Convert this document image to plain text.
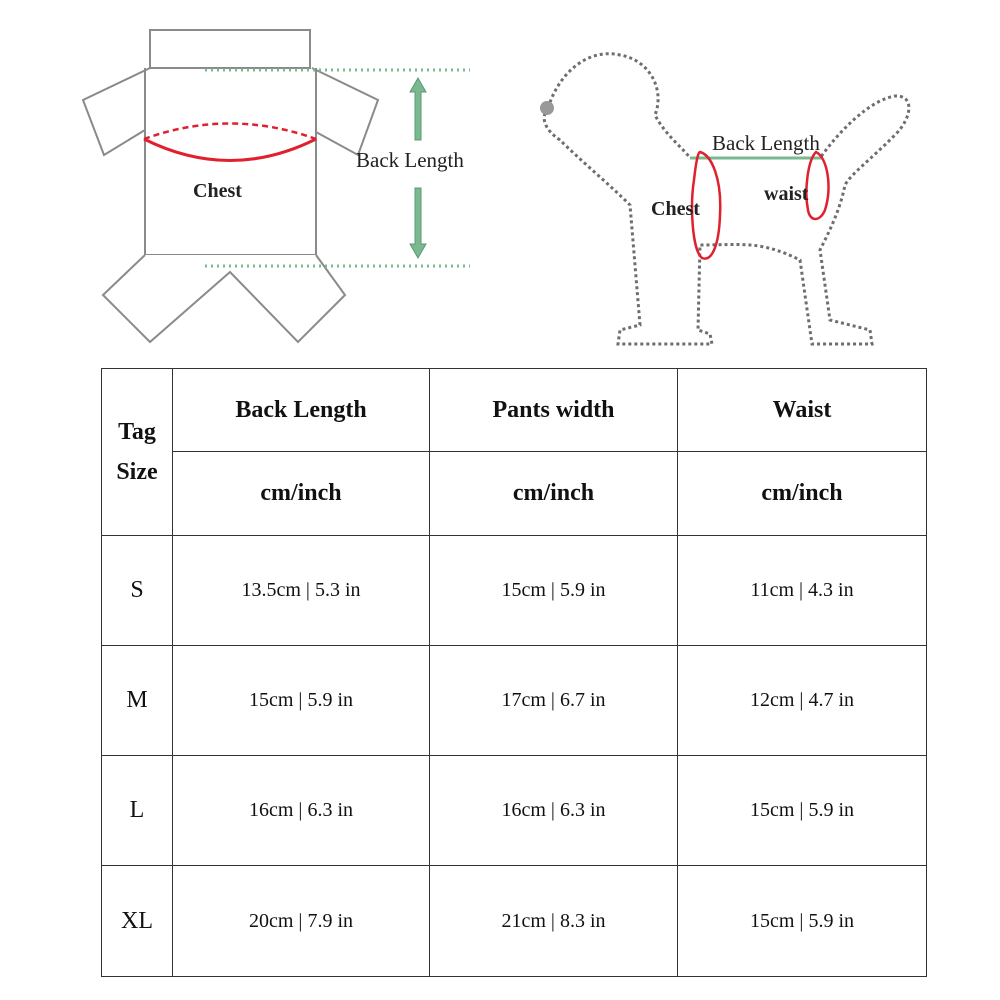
Chest
Back Length
Back Length
Chest
waist
Tag
Size	Back Length	Pants width	Waist
	cm/inch	cm/inch	cm/inch
S	13.5cm | 5.3 in	15cm | 5.9 in	11cm | 4.3 in
M	15cm | 5.9 in	17cm | 6.7 in	12cm | 4.7 in
L	16cm | 6.3 in	16cm | 6.3 in	15cm | 5.9 in
XL	20cm | 7.9 in	21cm | 8.3 in	15cm | 5.9 in
